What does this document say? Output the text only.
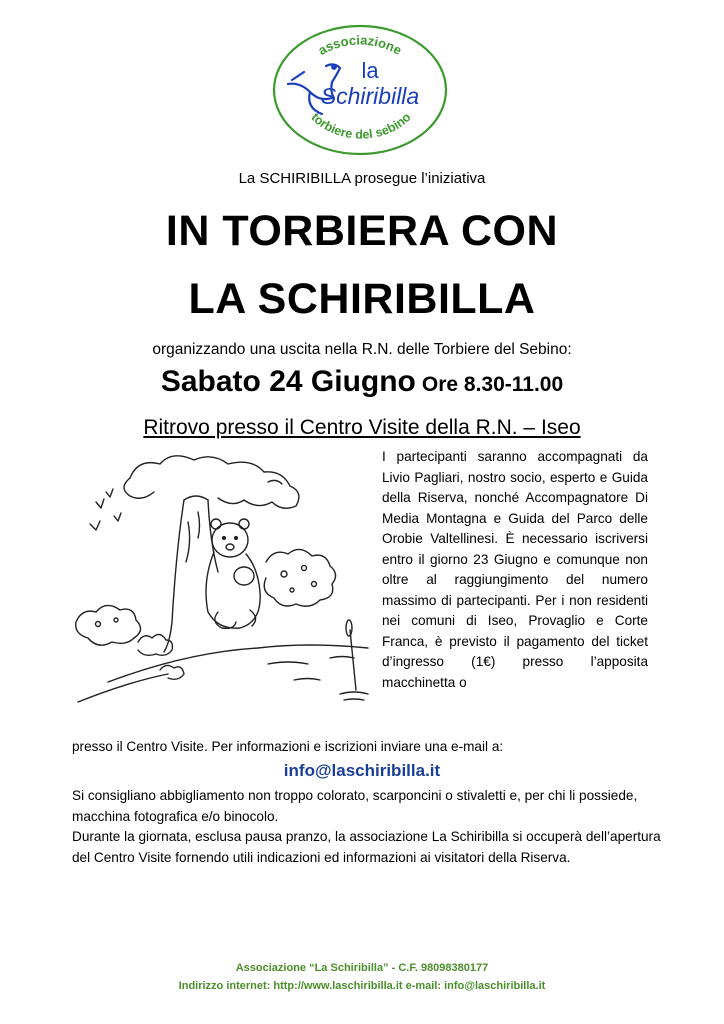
associazione
torbiere del sebino
la
Schiribilla
La SCHIRIBILLA prosegue l’iniziativa
IN TORBIERA CON
LA SCHIRIBILLA
organizzando una uscita nella R.N. delle Torbiere del Sebino:
Sabato 24 Giugno Ore 8.30-11.00
Ritrovo presso il Centro Visite della R.N. – Iseo

I partecipanti saranno accompagnati da Livio Pagliari, nostro socio, esperto e Guida della Riserva, nonché Accompagnatore Di Media Montagna e Guida del Parco delle Orobie Valtellinesi. È necessario iscriversi entro il giorno 23 Giugno e comunque non oltre al raggiungimento del numero massimo di partecipanti. Per i non residenti nei comuni di Iseo, Provaglio e Corte Franca, è previsto il pagamento del ticket d’ingresso (1€) presso l’apposita macchinetta o

presso il Centro Visite. Per informazioni e iscrizioni inviare una e-mail a:

info@laschiribilla.it

Si consigliano abbigliamento non troppo colorato, scarponcini o stivaletti e, per chi li possiede, macchina fotografica e/o binocolo.
Durante la giornata, esclusa pausa pranzo, la associazione La Schiribilla si occuperà dell’apertura del Centro Visite fornendo utili indicazioni ed informazioni ai visitatori della Riserva.

Associazione “La Schiribilla” - C.F. 98098380177
Indirizzo internet: http://www.laschiribilla.it e-mail: info@laschiribilla.it
